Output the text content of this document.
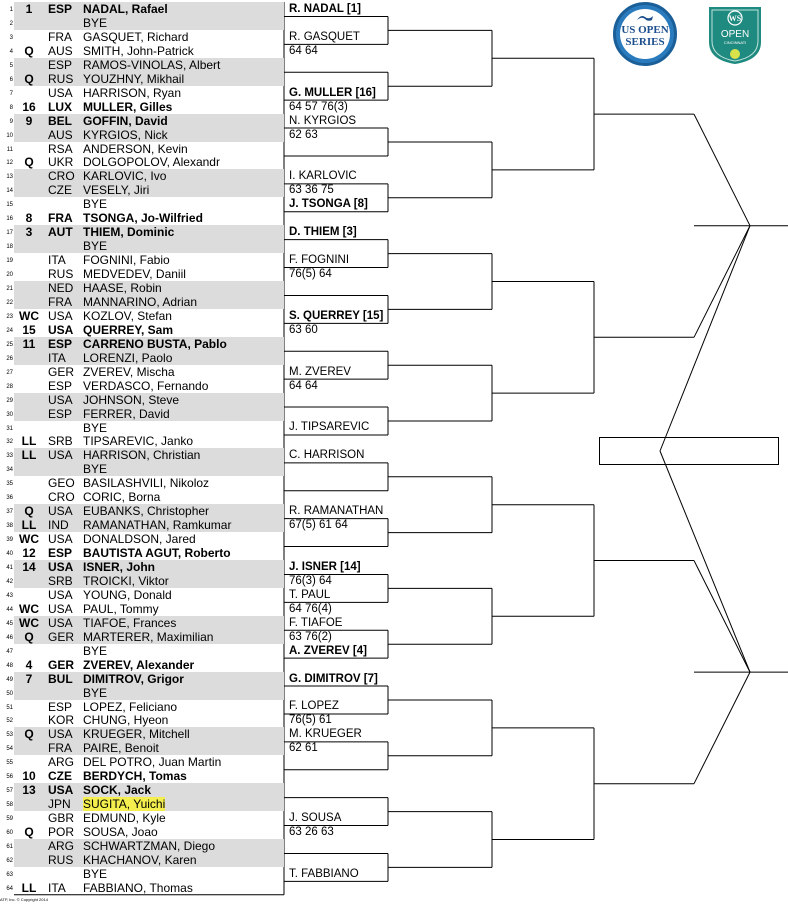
1	1	ESP NADAL, Rafael
2	BYE
3	FRA GASQUET, Richard
4 Q	AUS SMITH, John-Patrick
5	ESP RAMOS-VINOLAS, Albert
6 Q	RUS YOUZHNY, Mikhail
7	USA HARRISON, Ryan
8 16	LUX MULLER, Gilles
9	9	BEL GOFFIN, David
10	AUS KYRGIOS, Nick
11	RSA ANDERSON, Kevin
12 Q	UKR DOLGOPOLOV, Alexandr
13	CRO KARLOVIC, Ivo
14	CZE VESELY, Jiri
15	BYE
16	8	FRA TSONGA, Jo-Wilfried
17	3	AUT THIEM, Dominic
18	BYE
19	ITA FOGNINI, Fabio
20	RUS MEDVEDEV, Daniil
21	NED HAASE, Robin
22	FRA MANNARINO, Adrian
23 WC USA KOZLOV, Stefan
24 15	USA QUERREY, Sam
25 11	ESP CARRENO BUSTA, Pablo
26	ITA LORENZI, Paolo
27	GER ZVEREV, Mischa
28	ESP VERDASCO, Fernando
29	USA JOHNSON, Steve
30	ESP FERRER, David
31	BYE
32 LL SRB TIPSAREVIC, Janko
33 LL USA HARRISON, Christian
34	BYE
35	GEO BASILASHVILI, Nikoloz
36	CRO CORIC, Borna
37 Q	USA EUBANKS, Christopher
38 LL IND RAMANATHAN, Ramkumar
39 WC USA DONALDSON, Jared
40 12	ESP BAUTISTA AGUT, Roberto
41 14	USA ISNER, John
42	SRB TROICKI, Viktor
43	USA YOUNG, Donald
44 WC USA PAUL, Tommy
45 WC USA TIAFOE, Frances
46 Q	GER MARTERER, Maximilian
47	BYE
48	4	GER ZVEREV, Alexander
49	7	BUL DIMITROV, Grigor
50	BYE
51	ESP LOPEZ, Feliciano
52	KOR CHUNG, Hyeon
53 Q	USA KRUEGER, Mitchell
54	FRA PAIRE, Benoit
55	ARG DEL POTRO, Juan Martin
56 10	CZE BERDYCH, Tomas
57 13	USA SOCK, Jack
58	JPN SUGITA, Yuichi
59	GBR EDMUND, Kyle
60 Q	POR SOUSA, Joao
61	ARG SCHWARTZMAN, Diego
62	RUS KHACHANOV, Karen
63	BYE
64 LL ITA FABBIANO, Thomas
R. NADAL [1]
R. GASQUET
64 64
G. MULLER [16]
64 57 76(3)
N. KYRGIOS
62 63
I. KARLOVIC
63 36 75
J. TSONGA [8]
D. THIEM [3]
F. FOGNINI
76(5) 64
S. QUERREY [15]
63 60
M. ZVEREV
64 64
J. TIPSAREVIC
C. HARRISON
R. RAMANATHAN
67(5) 61 64
J. ISNER [14]
76(3) 64
T. PAUL
64 76(4)
F. TIAFOE
63 76(2)
A. ZVEREV [4]
G. DIMITROV [7]
F. LOPEZ
76(5) 61
M. KRUEGER
62 61
J. SOUSA
63 26 63
T. FABBIANO
US OPEN
SERIES
WS
OPEN
CINCINNATI
ATP, Inc. © Copyright 2014
